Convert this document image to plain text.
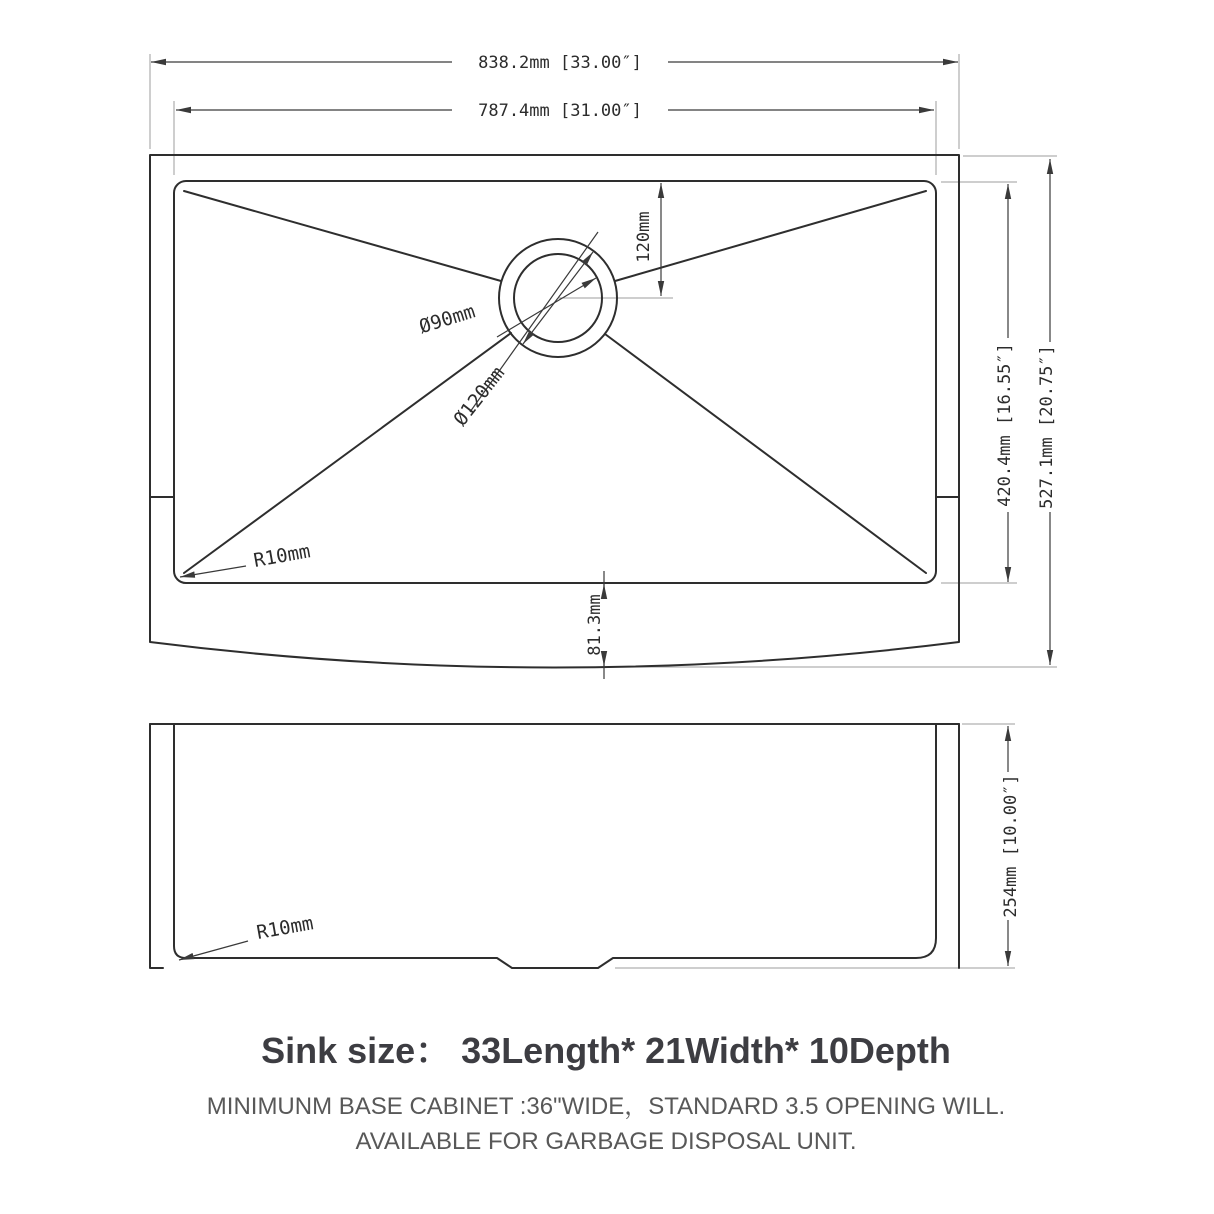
838.2mm [33.00″]
787.4mm [31.00″]
420.4mm [16.55″] 527.1mm [20.75″]
120mm
81.3mm
Ø120mm
Ø90mm
R10mm
254mm [10.00″]
R10mm
Sink size： 33Length* 21Width* 10Depth
MINIMUNM BASE CABINET :36"WIDE，STANDARD 3.5 OPENING WILL.
AVAILABLE FOR GARBAGE DISPOSAL UNIT.
